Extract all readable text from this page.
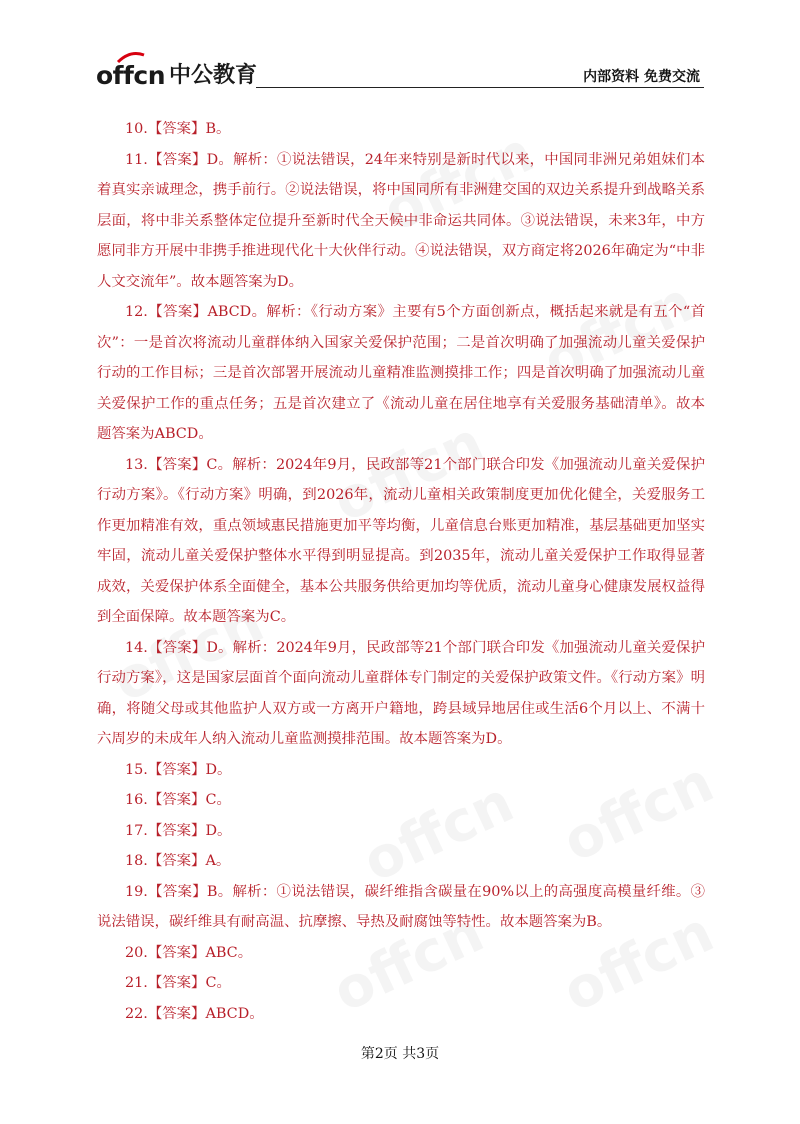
offcn 中公教育	内部资料 免费交流

10.【答案】B。

11.【答案】D。解析：①说法错误，24年来特别是新时代以来，中国同非洲兄弟姐妹们本着真实亲诚理念，携手前行。②说法错误，将中国同所有非洲建交国的双边关系提升到战略关系层面，将中非关系整体定位提升至新时代全天候中非命运共同体。③说法错误，未来3年，中方愿同非方开展中非携手推进现代化十大伙伴行动。④说法错误，双方商定将2026年确定为“中非人文交流年”。故本题答案为D。

12.【答案】ABCD。解析：《行动方案》主要有5个方面创新点，概括起来就是有五个“首次”：一是首次将流动儿童群体纳入国家关爱保护范围；二是首次明确了加强流动儿童关爱保护行动的工作目标；三是首次部署开展流动儿童精准监测摸排工作；四是首次明确了加强流动儿童关爱保护工作的重点任务；五是首次建立了《流动儿童在居住地享有关爱服务基础清单》。故本题答案为ABCD。

13.【答案】C。解析：2024年9月，民政部等21个部门联合印发《加强流动儿童关爱保护行动方案》。《行动方案》明确，到2026年，流动儿童相关政策制度更加优化健全，关爱服务工作更加精准有效，重点领域惠民措施更加平等均衡，儿童信息台账更加精准，基层基础更加坚实牢固，流动儿童关爱保护整体水平得到明显提高。到2035年，流动儿童关爱保护工作取得显著成效，关爱保护体系全面健全，基本公共服务供给更加均等优质，流动儿童身心健康发展权益得到全面保障。故本题答案为C。

14.【答案】D。解析：2024年9月，民政部等21个部门联合印发《加强流动儿童关爱保护行动方案》，这是国家层面首个面向流动儿童群体专门制定的关爱保护政策文件。《行动方案》明确，将随父母或其他监护人双方或一方离开户籍地，跨县域异地居住或生活6个月以上、不满十六周岁的未成年人纳入流动儿童监测摸排范围。故本题答案为D。

15.【答案】D。

16.【答案】C。

17.【答案】D。

18.【答案】A。

19.【答案】B。解析：①说法错误，碳纤维指含碳量在90%以上的高强度高模量纤维。③说法错误，碳纤维具有耐高温、抗摩擦、导热及耐腐蚀等特性。故本题答案为B。

20.【答案】ABC。

21.【答案】C。

22.【答案】ABCD。

第2页 共3页
